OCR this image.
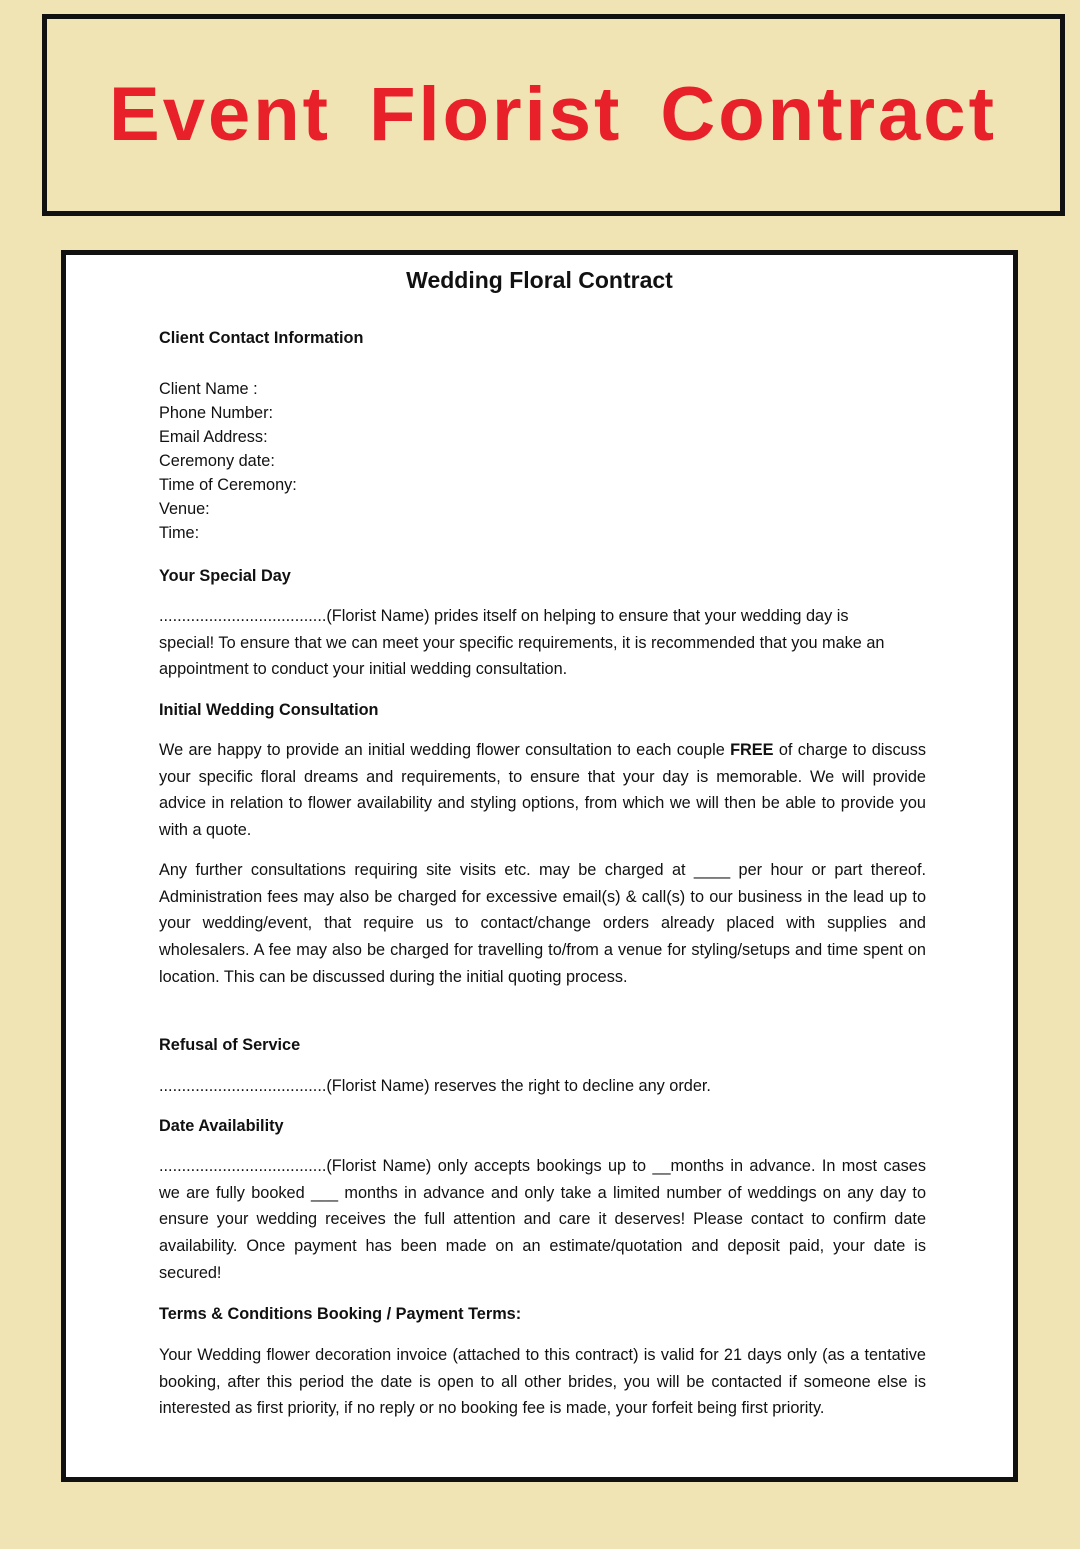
Event Florist Contract
Wedding Floral Contract
Client Contact Information
Client Name :
Phone Number:
Email Address:
Ceremony date:
Time of Ceremony:
Venue:
Time:
Your Special Day
.....................................(Florist Name) prides itself on helping to ensure that your wedding day is special! To ensure that we can meet your specific requirements, it is recommended that you make an appointment to conduct your initial wedding consultation.
Initial Wedding Consultation
We are happy to provide an initial wedding flower consultation to each couple FREE of charge to discuss your specific floral dreams and requirements, to ensure that your day is memorable. We will provide advice in relation to flower availability and styling options, from which we will then be able to provide you with a quote.
Any further consultations requiring site visits etc. may be charged at ____ per hour or part thereof. Administration fees may also be charged for excessive email(s) & call(s) to our business in the lead up to your wedding/event, that require us to contact/change orders already placed with supplies and wholesalers. A fee may also be charged for travelling to/from a venue for styling/setups and time spent on location. This can be discussed during the initial quoting process.
Refusal of Service
.....................................(Florist Name) reserves the right to decline any order.
Date Availability
.....................................(Florist Name) only accepts bookings up to __months in advance. In most cases we are fully booked ___ months in advance and only take a limited number of weddings on any day to ensure your wedding receives the full attention and care it deserves! Please contact to confirm date availability. Once payment has been made on an estimate/quotation and deposit paid, your date is secured!
Terms & Conditions Booking / Payment Terms:
Your Wedding flower decoration invoice (attached to this contract) is valid for 21 days only (as a tentative booking, after this period the date is open to all other brides, you will be contacted if someone else is interested as first priority, if no reply or no booking fee is made, your forfeit being first priority.
